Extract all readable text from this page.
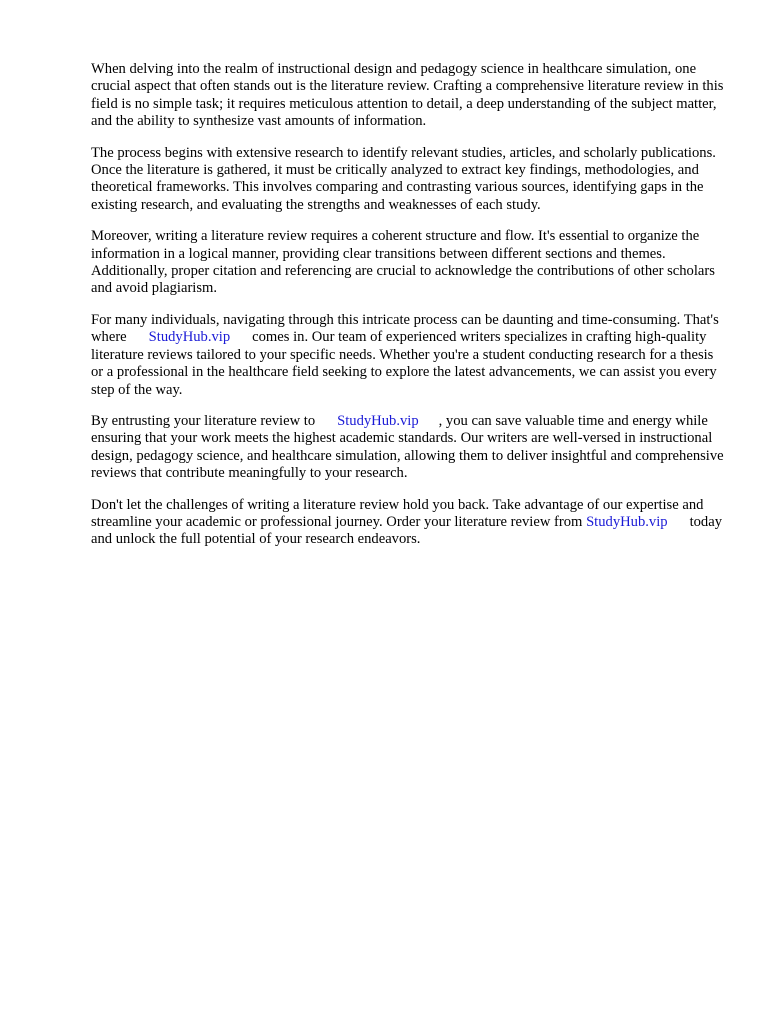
When delving into the realm of instructional design and pedagogy science in healthcare simulation, one crucial aspect that often stands out is the literature review. Crafting a comprehensive literature review in this field is no simple task; it requires meticulous attention to detail, a deep understanding of the subject matter, and the ability to synthesize vast amounts of information.

The process begins with extensive research to identify relevant studies, articles, and scholarly publications. Once the literature is gathered, it must be critically analyzed to extract key findings, methodologies, and theoretical frameworks. This involves comparing and contrasting various sources, identifying gaps in the existing research, and evaluating the strengths and weaknesses of each study.

Moreover, writing a literature review requires a coherent structure and flow. It's essential to organize the information in a logical manner, providing clear transitions between different sections and themes. Additionally, proper citation and referencing are crucial to acknowledge the contributions of other scholars and avoid plagiarism.

For many individuals, navigating through this intricate process can be daunting and time-consuming. That's where StudyHub.vip comes in. Our team of experienced writers specializes in crafting high-quality literature reviews tailored to your specific needs. Whether you're a student conducting research for a thesis or a professional in the healthcare field seeking to explore the latest advancements, we can assist you every step of the way.

By entrusting your literature review to StudyHub.vip , you can save valuable time and energy while ensuring that your work meets the highest academic standards. Our writers are well-versed in instructional design, pedagogy science, and healthcare simulation, allowing them to deliver insightful and comprehensive reviews that contribute meaningfully to your research.

Don't let the challenges of writing a literature review hold you back. Take advantage of our expertise and streamline your academic or professional journey. Order your literature review from StudyHub.vip today and unlock the full potential of your research endeavors.
